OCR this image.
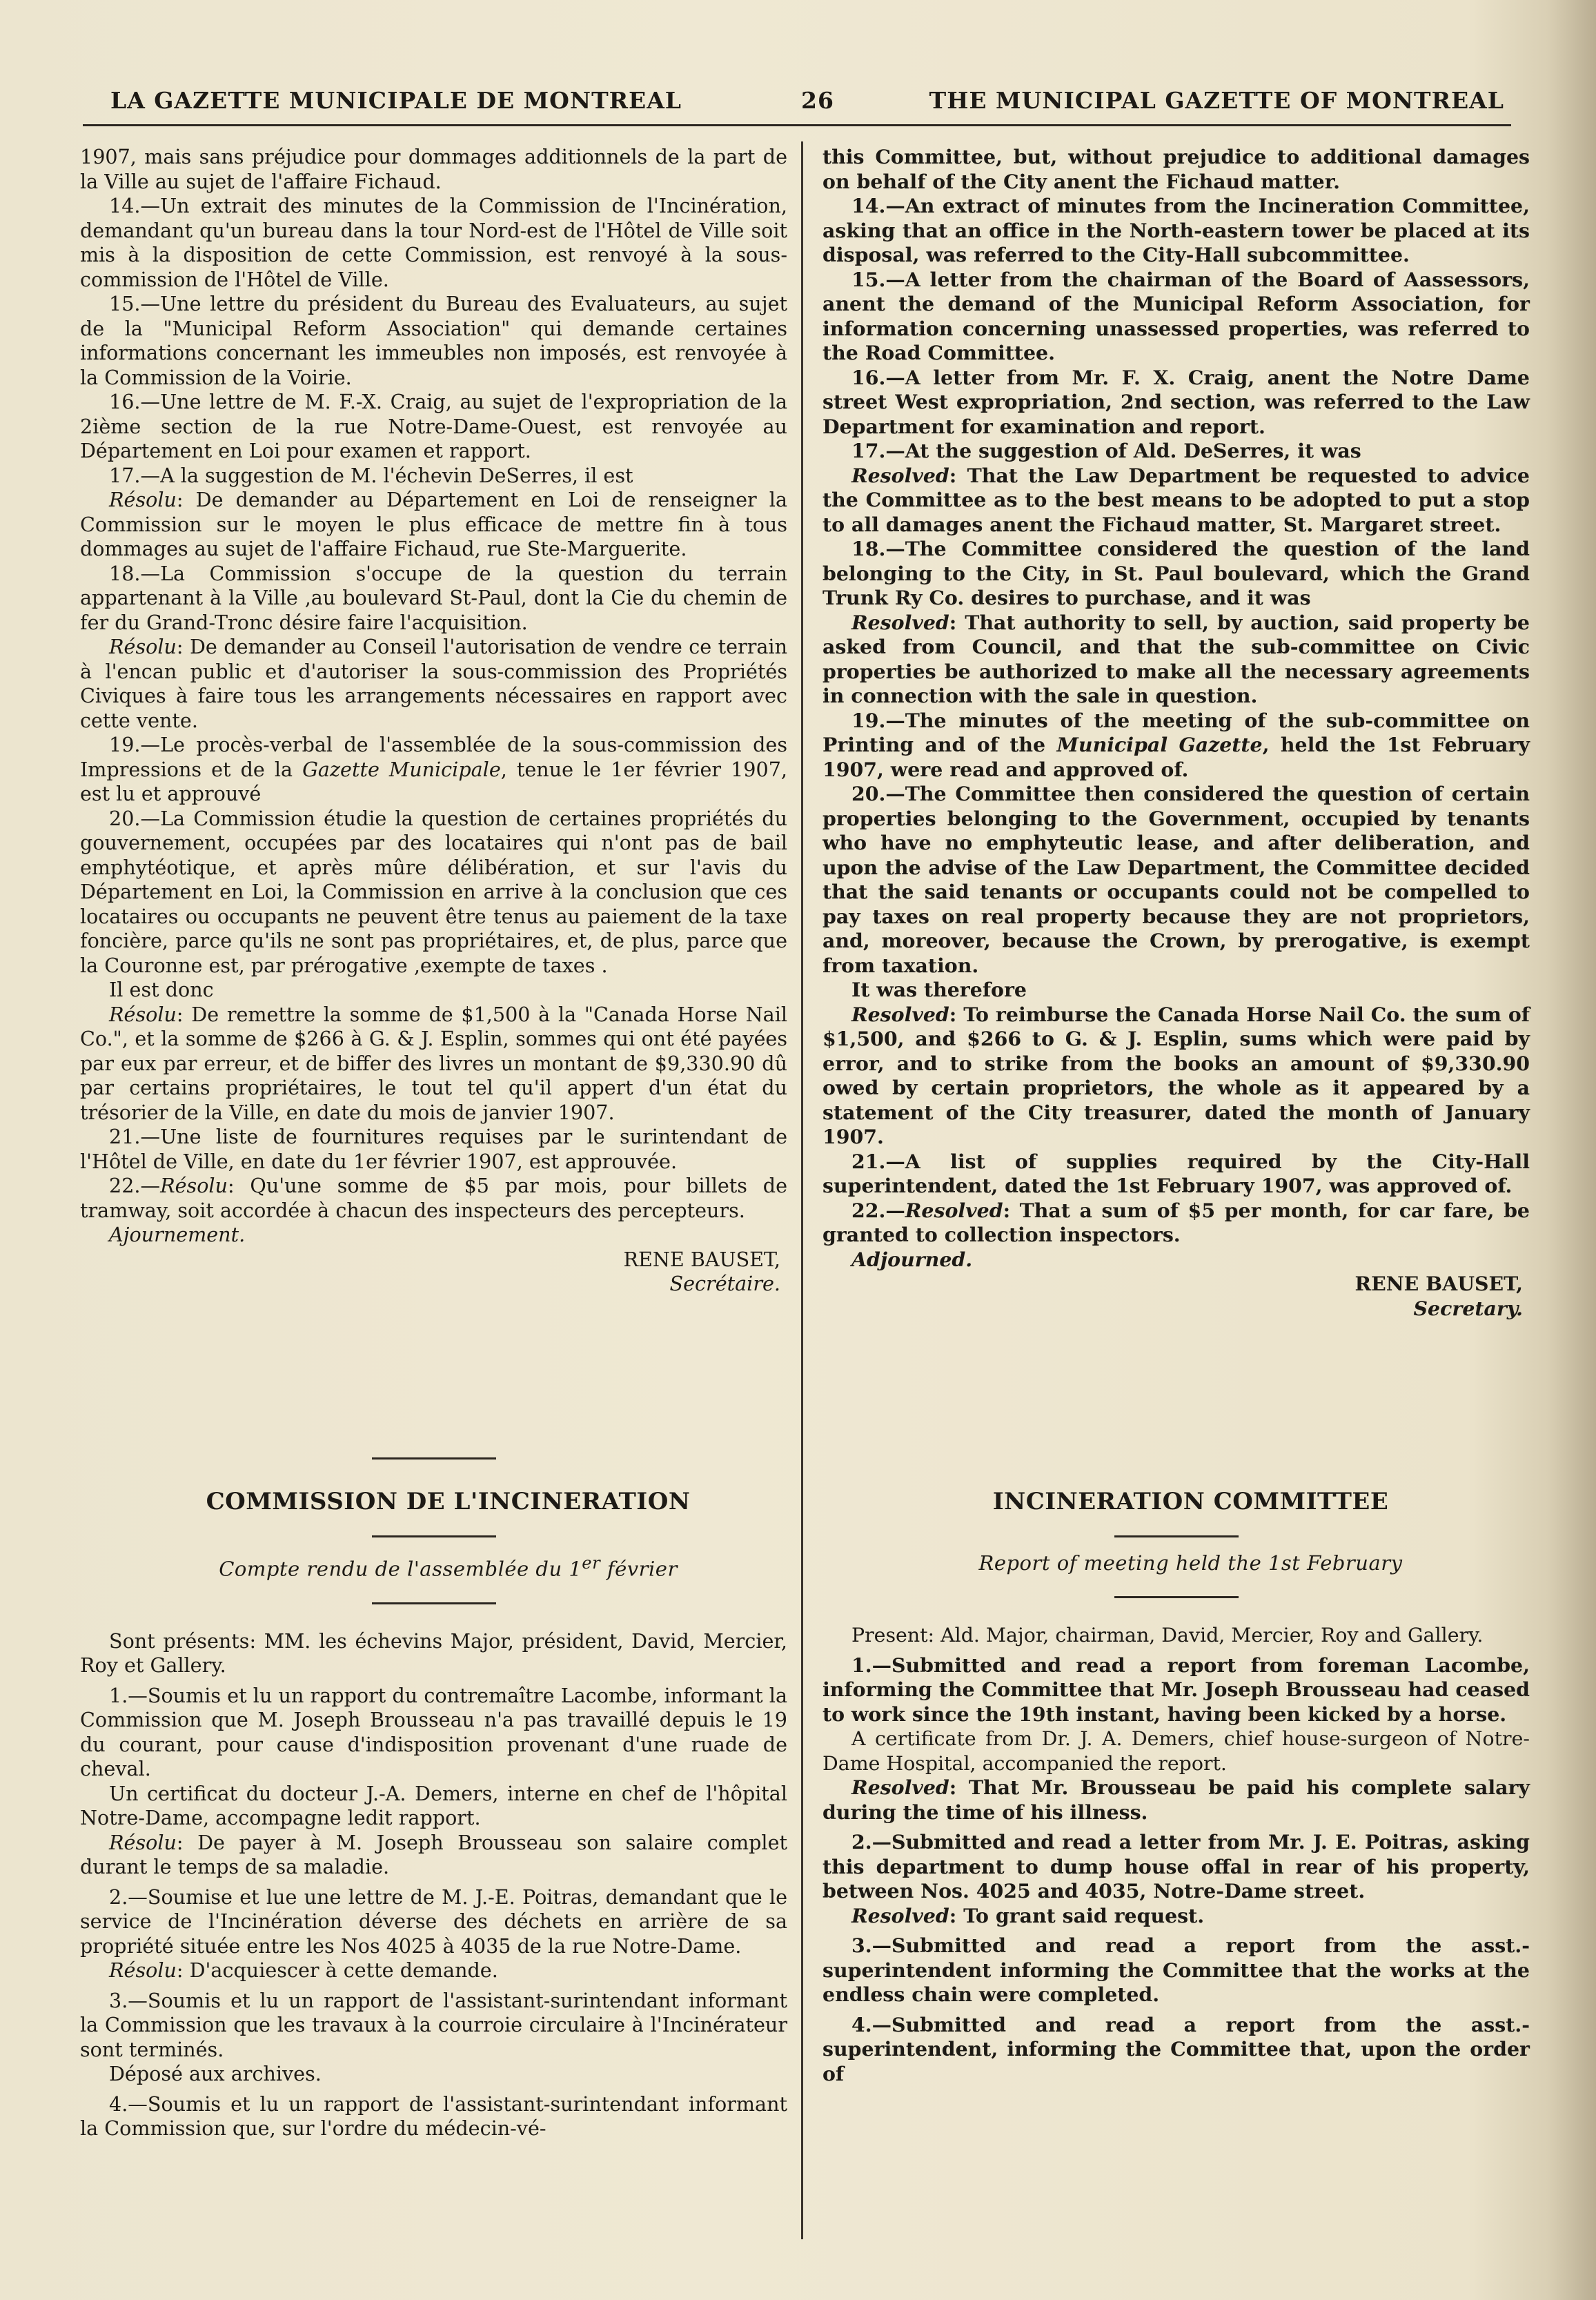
LA GAZETTE MUNICIPALE DE MONTREAL	26	THE MUNICIPAL GAZETTE OF MONTREAL

1907, mais sans préjudice pour dommages additionnels de la part de la Ville au sujet de l'affaire Fichaud.

14.—Un extrait des minutes de la Commission de l'Incinération, demandant qu'un bureau dans la tour Nord-est de l'Hôtel de Ville soit mis à la disposition de cette Commission, est renvoyé à la sous-commission de l'Hôtel de Ville.

15.—Une lettre du président du Bureau des Evaluateurs, au sujet de la "Municipal Reform Association" qui demande certaines informations concernant les immeubles non imposés, est renvoyée à la Commission de la Voirie.

16.—Une lettre de M. F.-X. Craig, au sujet de l'expropriation de la 2ième section de la rue Notre-Dame-Ouest, est renvoyée au Département en Loi pour examen et rapport.

17.—A la suggestion de M. l'échevin DeSerres, il est

Résolu: De demander au Département en Loi de renseigner la Commission sur le moyen le plus efficace de mettre fin à tous dommages au sujet de l'affaire Fichaud, rue Ste-Marguerite.

18.—La Commission s'occupe de la question du terrain appartenant à la Ville ,au boulevard St-Paul, dont la Cie du chemin de fer du Grand-Tronc désire faire l'acquisition.

Résolu: De demander au Conseil l'autorisation de vendre ce terrain à l'encan public et d'autoriser la sous-commission des Propriétés Civiques à faire tous les arrangements nécessaires en rapport avec cette vente.

19.—Le procès-verbal de l'assemblée de la sous-commission des Impressions et de la Gazette Municipale, tenue le 1er février 1907, est lu et approuvé

20.—La Commission étudie la question de certaines propriétés du gouvernement, occupées par des locataires qui n'ont pas de bail emphytéotique, et après mûre délibération, et sur l'avis du Département en Loi, la Commission en arrive à la conclusion que ces locataires ou occupants ne peuvent être tenus au paiement de la taxe foncière, parce qu'ils ne sont pas propriétaires, et, de plus, parce que la Couronne est, par prérogative ,exempte de taxes .

Il est donc

Résolu: De remettre la somme de $1,500 à la "Canada Horse Nail Co.", et la somme de $266 à G. & J. Esplin, sommes qui ont été payées par eux par erreur, et de biffer des livres un montant de $9,330.90 dû par certains propriétaires, le tout tel qu'il appert d'un état du trésorier de la Ville, en date du mois de janvier 1907.

21.—Une liste de fournitures requises par le surintendant de l'Hôtel de Ville, en date du 1er février 1907, est approuvée.

22.—Résolu: Qu'une somme de $5 par mois, pour billets de tramway, soit accordée à chacun des inspecteurs des percepteurs.

Ajournement.

RENE BAUSET,

Secrétaire.

this Committee, but, without prejudice to additional damages on behalf of the City anent the Fichaud matter.

14.—An extract of minutes from the Incineration Committee, asking that an office in the North-eastern tower be placed at its disposal, was referred to the City-Hall subcommittee.

15.—A letter from the chairman of the Board of Aassessors, anent the demand of the Municipal Reform Association, for information concerning unassessed properties, was referred to the Road Committee.

16.—A letter from Mr. F. X. Craig, anent the Notre Dame street West expropriation, 2nd section, was referred to the Law Department for examination and report.

17.—At the suggestion of Ald. DeSerres, it was

Resolved: That the Law Department be requested to advice the Committee as to the best means to be adopted to put a stop to all damages anent the Fichaud matter, St. Margaret street.

18.—The Committee considered the question of the land belonging to the City, in St. Paul boulevard, which the Grand Trunk Ry Co. desires to purchase, and it was

Resolved: That authority to sell, by auction, said property be asked from Council, and that the sub-committee on Civic properties be authorized to make all the necessary agreements in connection with the sale in question.

19.—The minutes of the meeting of the sub-committee on Printing and of the Municipal Gazette, held the 1st February 1907, were read and approved of.

20.—The Committee then considered the question of certain properties belonging to the Government, occupied by tenants who have no emphyteutic lease, and after deliberation, and upon the advise of the Law Department, the Committee decided that the said tenants or occupants could not be compelled to pay taxes on real property because they are not proprietors, and, moreover, because the Crown, by prerogative, is exempt from taxation.

It was therefore

Resolved: To reimburse the Canada Horse Nail Co. the sum of $1,500, and $266 to G. & J. Esplin, sums which were paid by error, and to strike from the books an amount of $9,330.90 owed by certain proprietors, the whole as it appeared by a statement of the City treasurer, dated the month of January 1907.

21.—A list of supplies required by the City-Hall superintendent, dated the 1st February 1907, was approved of.

22.—Resolved: That a sum of $5 per month, for car fare, be granted to collection inspectors.

Adjourned.

RENE BAUSET,

Secretary.

COMMISSION DE L'INCINERATION

Compte rendu de l'assemblée du 1er février

Sont présents: MM. les échevins Major, président, David, Mercier, Roy et Gallery.

1.—Soumis et lu un rapport du contremaître Lacombe, informant la Commission que M. Joseph Brousseau n'a pas travaillé depuis le 19 du courant, pour cause d'indisposition provenant d'une ruade de cheval.

Un certificat du docteur J.-A. Demers, interne en chef de l'hôpital Notre-Dame, accompagne ledit rapport.

Résolu: De payer à M. Joseph Brousseau son salaire complet durant le temps de sa maladie.

2.—Soumise et lue une lettre de M. J.-E. Poitras, demandant que le service de l'Incinération déverse des déchets en arrière de sa propriété située entre les Nos 4025 à 4035 de la rue Notre-Dame.

Résolu: D'acquiescer à cette demande.

3.—Soumis et lu un rapport de l'assistant-surintendant informant la Commission que les travaux à la courroie circulaire à l'Incinérateur sont terminés.

Déposé aux archives.

4.—Soumis et lu un rapport de l'assistant-surintendant informant la Commission que, sur l'ordre du médecin-vé-

INCINERATION COMMITTEE

Report of meeting held the 1st February

Present: Ald. Major, chairman, David, Mercier, Roy and Gallery.

1.—Submitted and read a report from foreman Lacombe, informing the Committee that Mr. Joseph Brousseau had ceased to work since the 19th instant, having been kicked by a horse.

A certificate from Dr. J. A. Demers, chief house-surgeon of Notre-Dame Hospital, accompanied the report.

Resolved: That Mr. Brousseau be paid his complete salary during the time of his illness.

2.—Submitted and read a letter from Mr. J. E. Poitras, asking this department to dump house offal in rear of his property, between Nos. 4025 and 4035, Notre-Dame street.

Resolved: To grant said request.

3.—Submitted and read a report from the asst.-superintendent informing the Committee that the works at the endless chain were completed.

4.—Submitted and read a report from the asst.-superintendent, informing the Committee that, upon the order of
